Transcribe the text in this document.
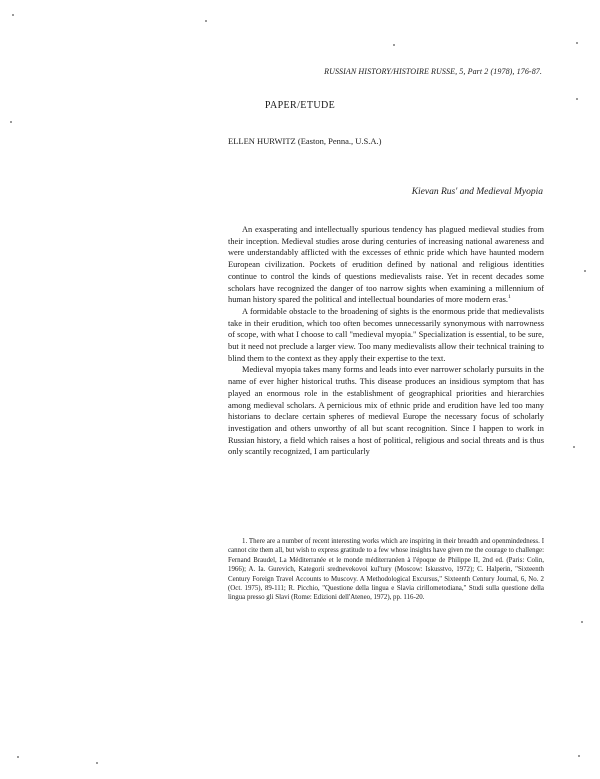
RUSSIAN HISTORY/HISTOIRE RUSSE, 5, Part 2 (1978), 176-87.
PAPER/ETUDE
ELLEN HURWITZ (Easton, Penna., U.S.A.)
Kievan Rus' and Medieval Myopia

An exasperating and intellectually spurious tendency has plagued medieval studies from their inception. Medieval studies arose during centuries of increasing national awareness and were understandably afflicted with the excesses of ethnic pride which have haunted modern European civilization. Pockets of erudition defined by national and religious identities continue to control the kinds of questions medievalists raise. Yet in recent decades some scholars have recognized the danger of too narrow sights when examining a millennium of human history spared the political and intellectual boundaries of more modern eras.$^1$

A formidable obstacle to the broadening of sights is the enormous pride that medievalists take in their erudition, which too often becomes unnecessarily synonymous with narrowness of scope, with what I choose to call "medieval myopia." Specialization is essential, to be sure, but it need not preclude a larger view. Too many medievalists allow their technical training to blind them to the context as they apply their expertise to the text.

Medieval myopia takes many forms and leads into ever narrower scholarly pursuits in the name of ever higher historical truths. This disease produces an insidious symptom that has played an enormous role in the establishment of geographical priorities and hierarchies among medieval scholars. A pernicious mix of ethnic pride and erudition have led too many historians to declare certain spheres of medieval Europe the necessary focus of scholarly investigation and others unworthy of all but scant recognition. Since I happen to work in Russian history, a field which raises a host of political, religious and social threats and is thus only scantily recognized, I am particularly

1. There are a number of recent interesting works which are inspiring in their breadth and openmindedness. I cannot cite them all, but wish to express gratitude to a few whose insights have given me the courage to challenge: Fernand Braudel, La Méditerranée et le monde méditerranéen à l'époque de Philippe II, 2nd ed. (Paris: Colin, 1966); A. Ia. Gurevich, Kategorii srednevekovoi kul'tury (Moscow: Iskusstvo, 1972); C. Halperin, "Sixteenth Century Foreign Travel Accounts to Muscovy. A Methodological Excursus," Sixteenth Century Journal, 6, No. 2 (Oct. 1975), 89-111; R. Picchio, "Questione della lingua e Slavia cirillometodiana," Studi sulla questione della lingua presso gli Slavi (Rome: Edizioni dell'Ateneo, 1972), pp. 116-20.
